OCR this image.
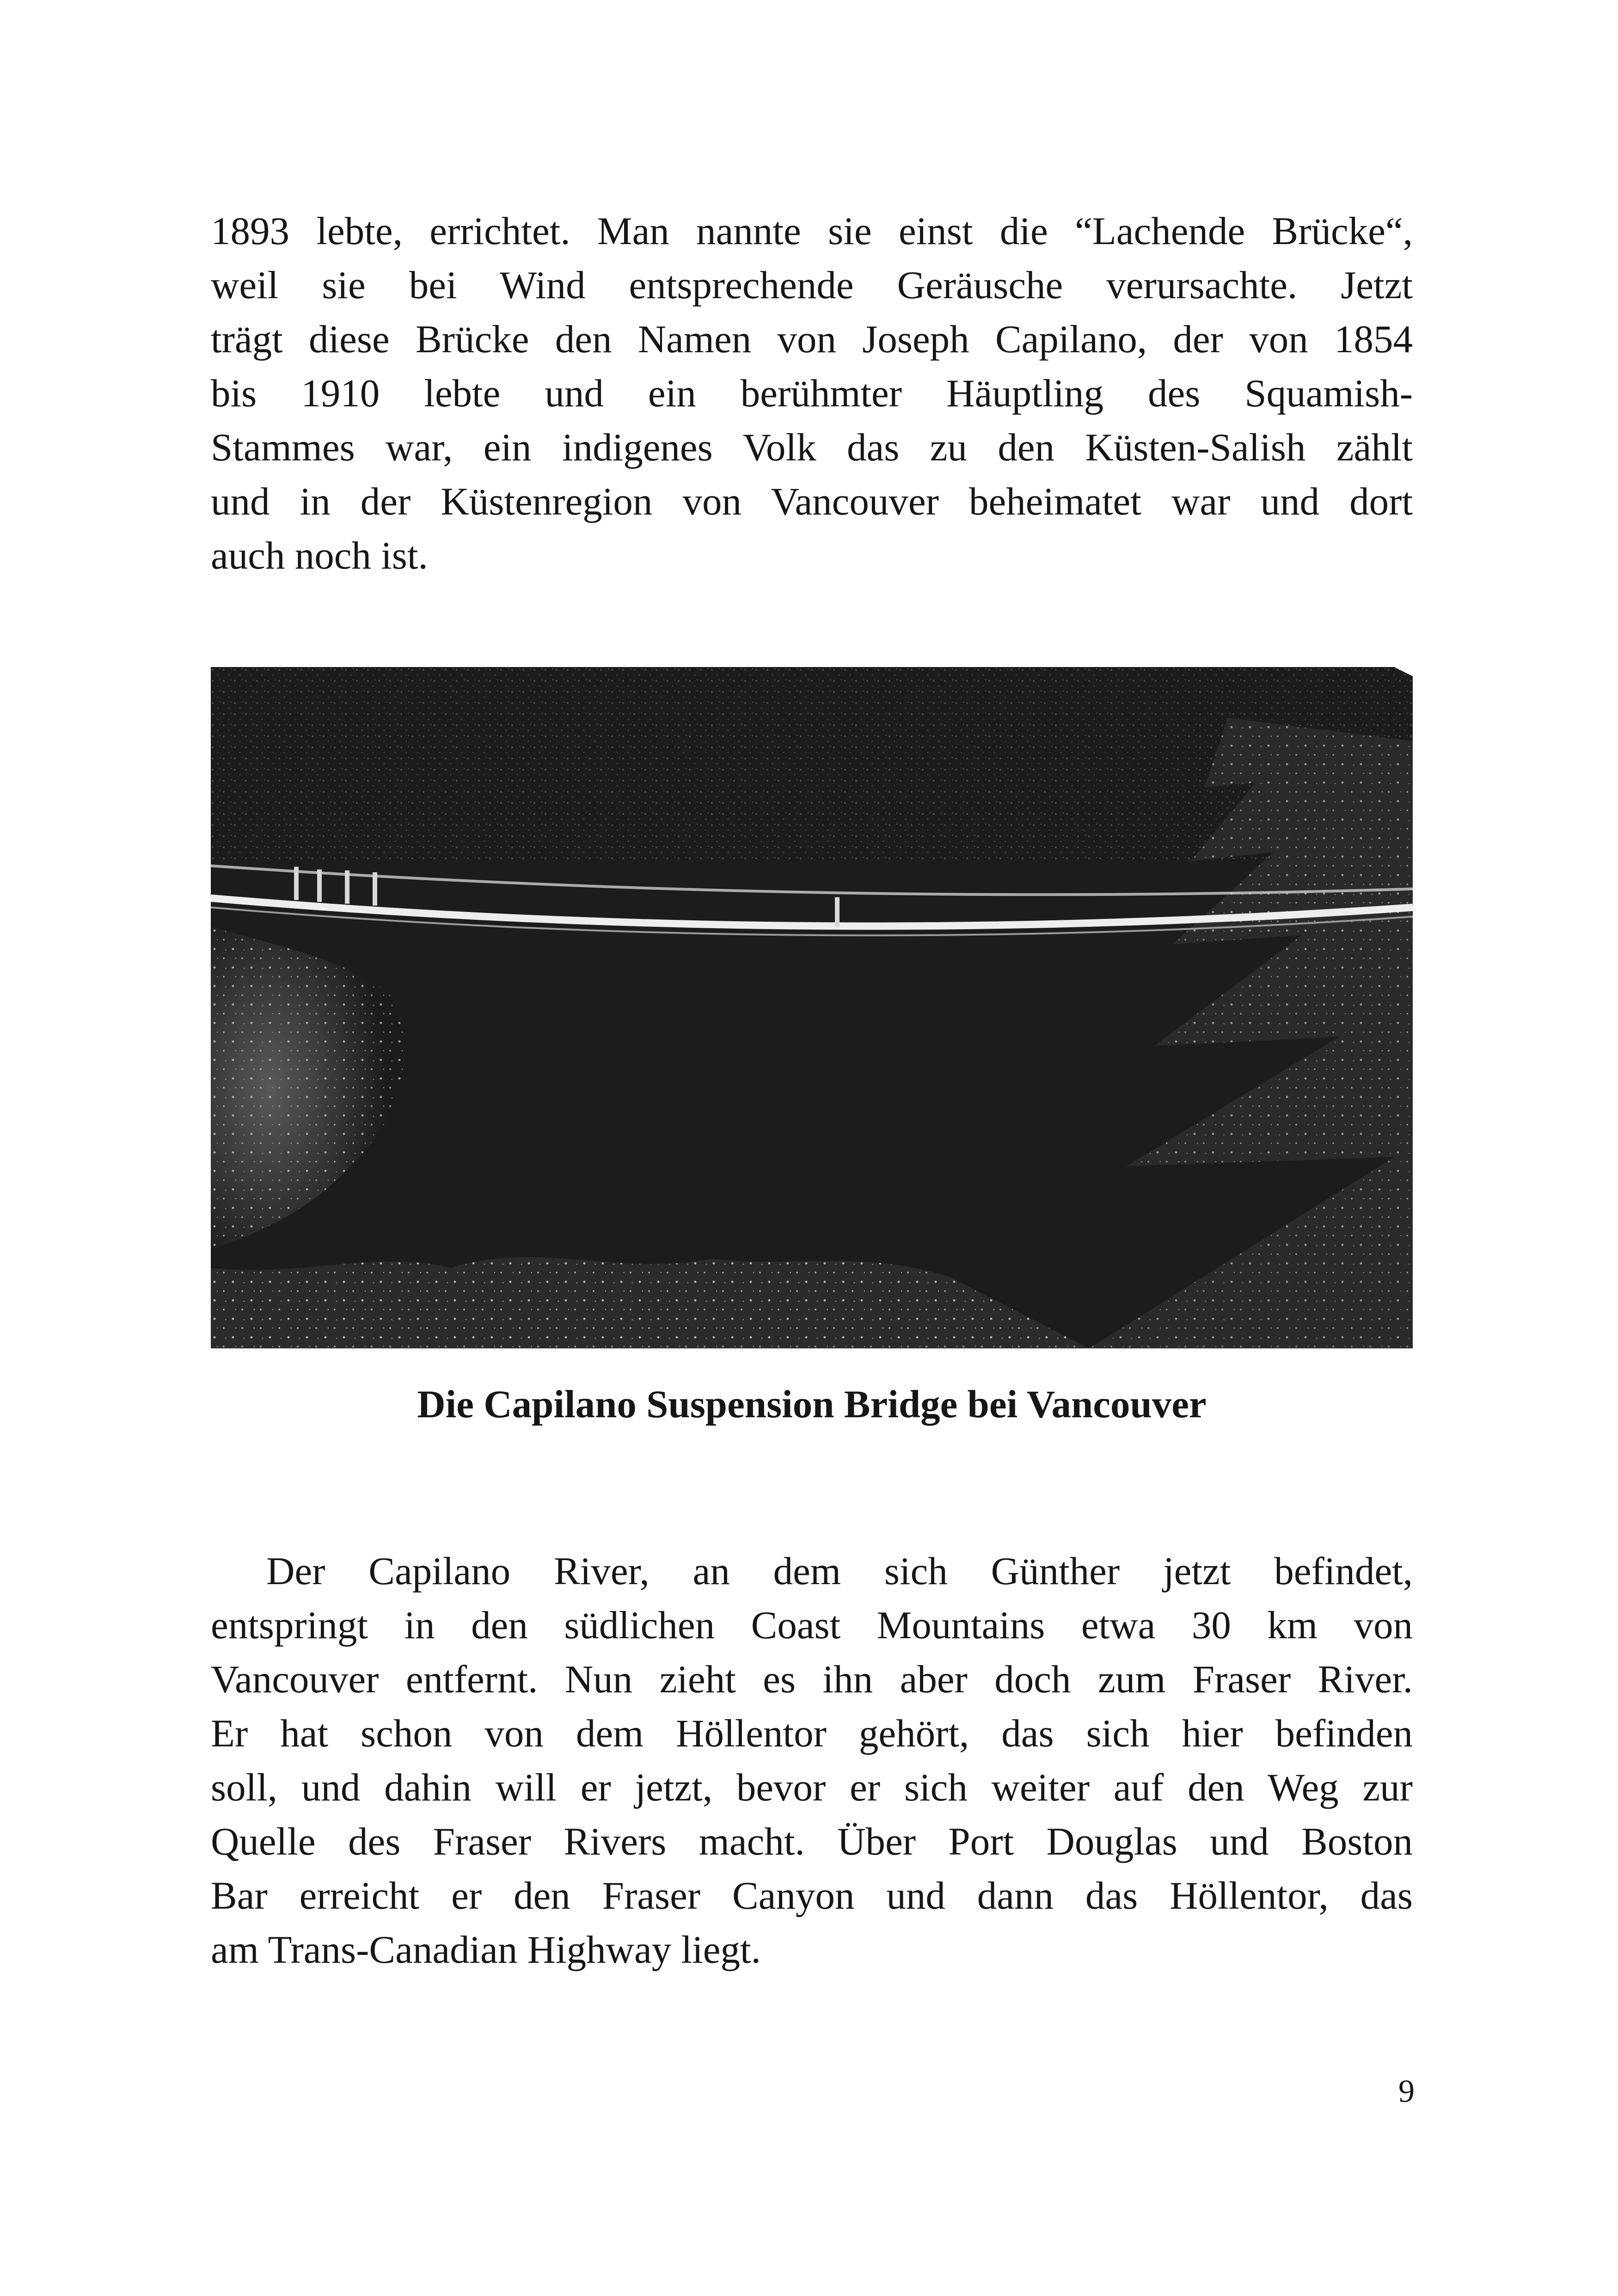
1893 lebte, errichtet. Man nannte sie einst die “Lachende Brücke“,
weil sie bei Wind entsprechende Geräusche verursachte. Jetzt
trägt diese Brücke den Namen von Joseph Capilano, der von 1854
bis 1910 lebte und ein berühmter Häuptling des Squamish-
Stammes war, ein indigenes Volk das zu den Küsten-Salish zählt
und in der Küstenregion von Vancouver beheimatet war und dort
auch noch ist.

Die Capilano Suspension Bridge bei Vancouver

Der Capilano River, an dem sich Günther jetzt befindet,
entspringt in den südlichen Coast Mountains etwa 30 km von
Vancouver entfernt. Nun zieht es ihn aber doch zum Fraser River.
Er hat schon von dem Höllentor gehört, das sich hier befinden
soll, und dahin will er jetzt, bevor er sich weiter auf den Weg zur
Quelle des Fraser Rivers macht. Über Port Douglas und Boston
Bar erreicht er den Fraser Canyon und dann das Höllentor, das
am Trans-Canadian Highway liegt.
9
